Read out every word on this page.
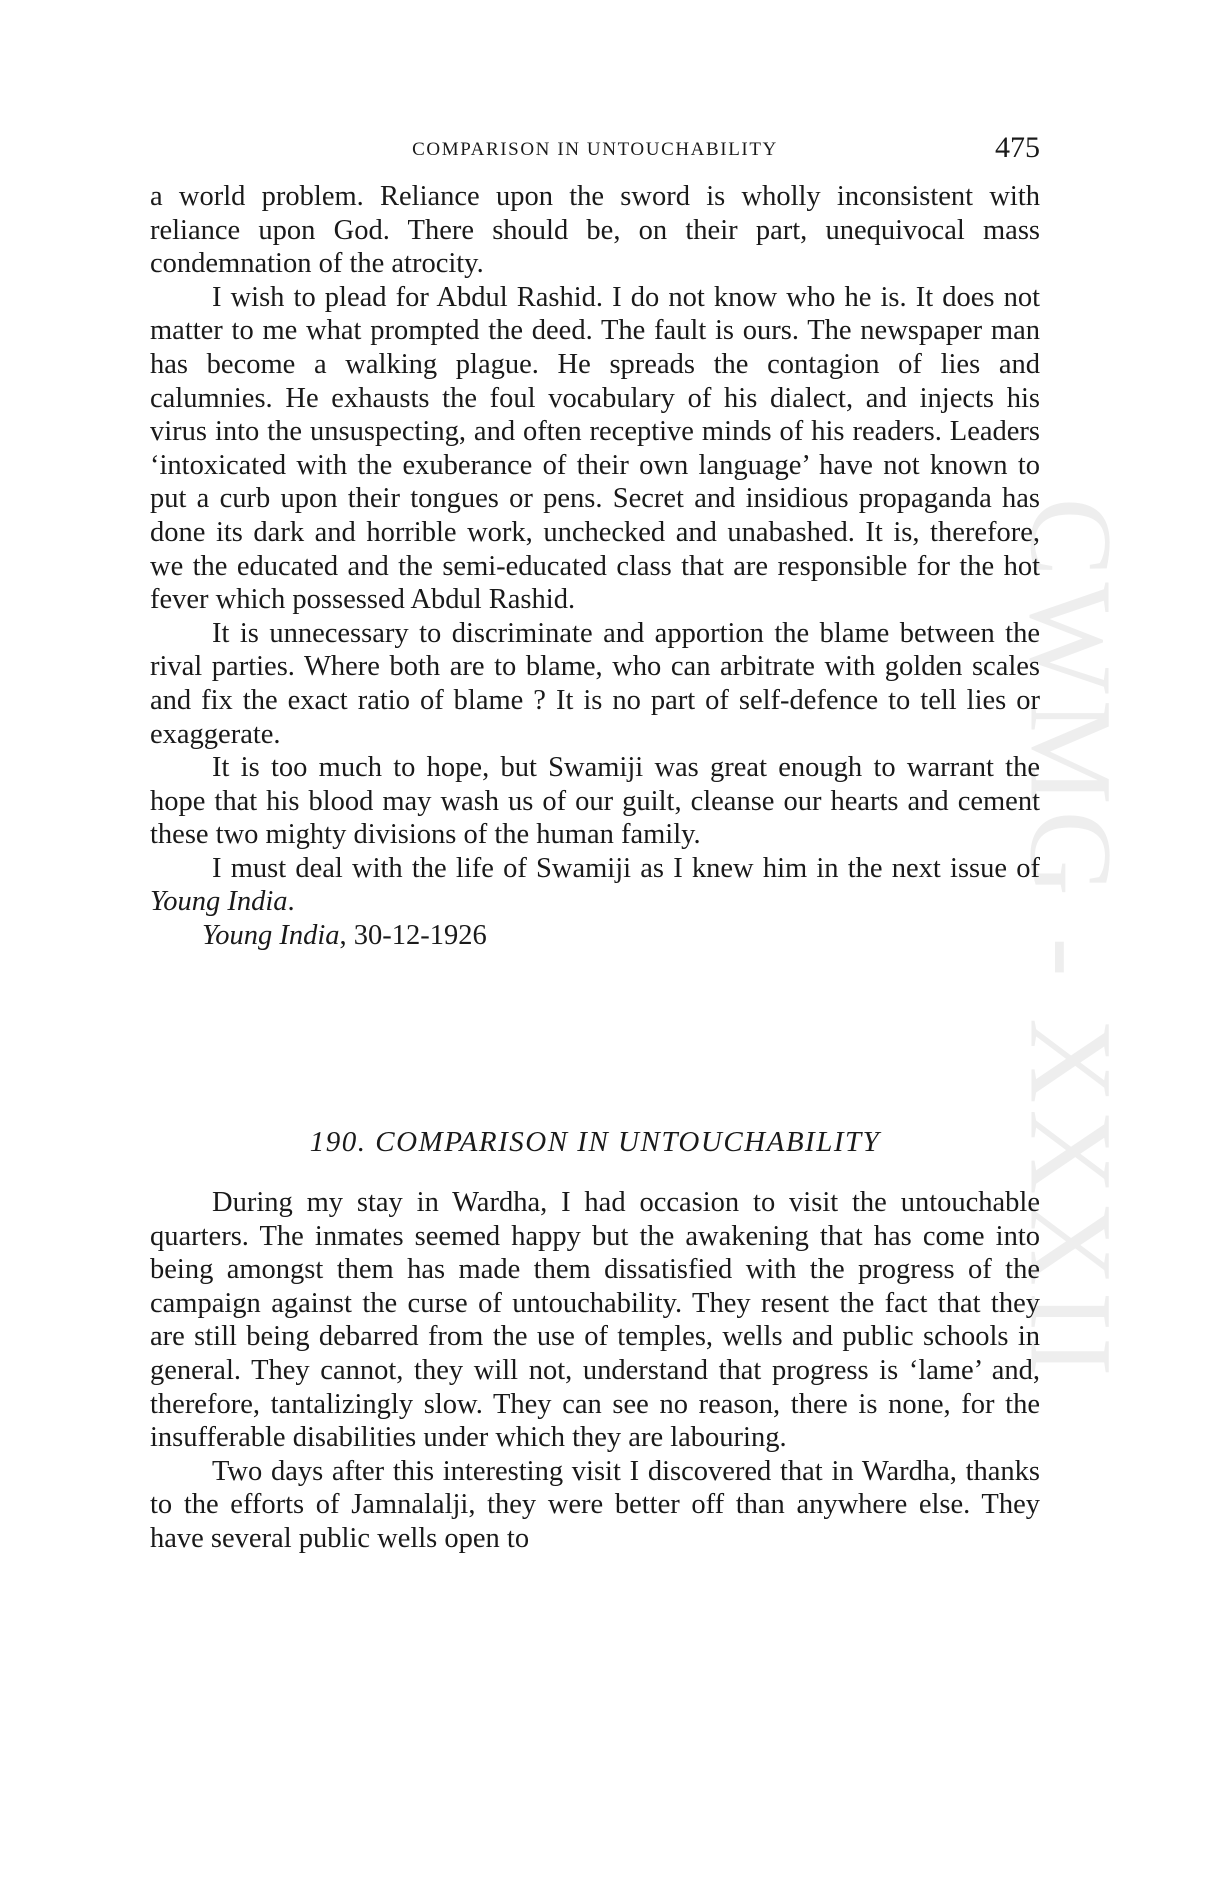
CWMG - XXXII
COMPARISON IN UNTOUCHABILITY	475

a world problem. Reliance upon the sword is wholly inconsistent with reliance upon God. There should be, on their part, unequivocal mass condemnation of the atrocity.

I wish to plead for Abdul Rashid. I do not know who he is. It does not matter to me what prompted the deed. The fault is ours. The newspaper man has become a walking plague. He spreads the contagion of lies and calumnies. He exhausts the foul vocabulary of his dialect, and injects his virus into the unsuspecting, and often receptive minds of his readers. Leaders ‘intoxicated with the exuberance of their own language’ have not known to put a curb upon their tongues or pens. Secret and insidious propaganda has done its dark and horrible work, unchecked and unabashed. It is, therefore, we the educated and the semi-educated class that are responsible for the hot fever which possessed Abdul Rashid.

It is unnecessary to discriminate and apportion the blame between the rival parties. Where both are to blame, who can arbitrate with golden scales and fix the exact ratio of blame ? It is no part of self-defence to tell lies or exaggerate.

It is too much to hope, but Swamiji was great enough to warrant the hope that his blood may wash us of our guilt, cleanse our hearts and cement these two mighty divisions of the human family.

I must deal with the life of Swamiji as I knew him in the next issue of Young India.

Young India, 30-12-1926

190. COMPARISON IN UNTOUCHABILITY

During my stay in Wardha, I had occasion to visit the untouchable quarters. The inmates seemed happy but the awakening that has come into being amongst them has made them dissatisfied with the progress of the campaign against the curse of untouchability. They resent the fact that they are still being debarred from the use of temples, wells and public schools in general. They cannot, they will not, understand that progress is ‘lame’ and, therefore, tantalizingly slow. They can see no reason, there is none, for the insufferable disabilities under which they are labouring.

Two days after this interesting visit I discovered that in Wardha, thanks to the efforts of Jamnalalji, they were better off than anywhere else. They have several public wells open to
